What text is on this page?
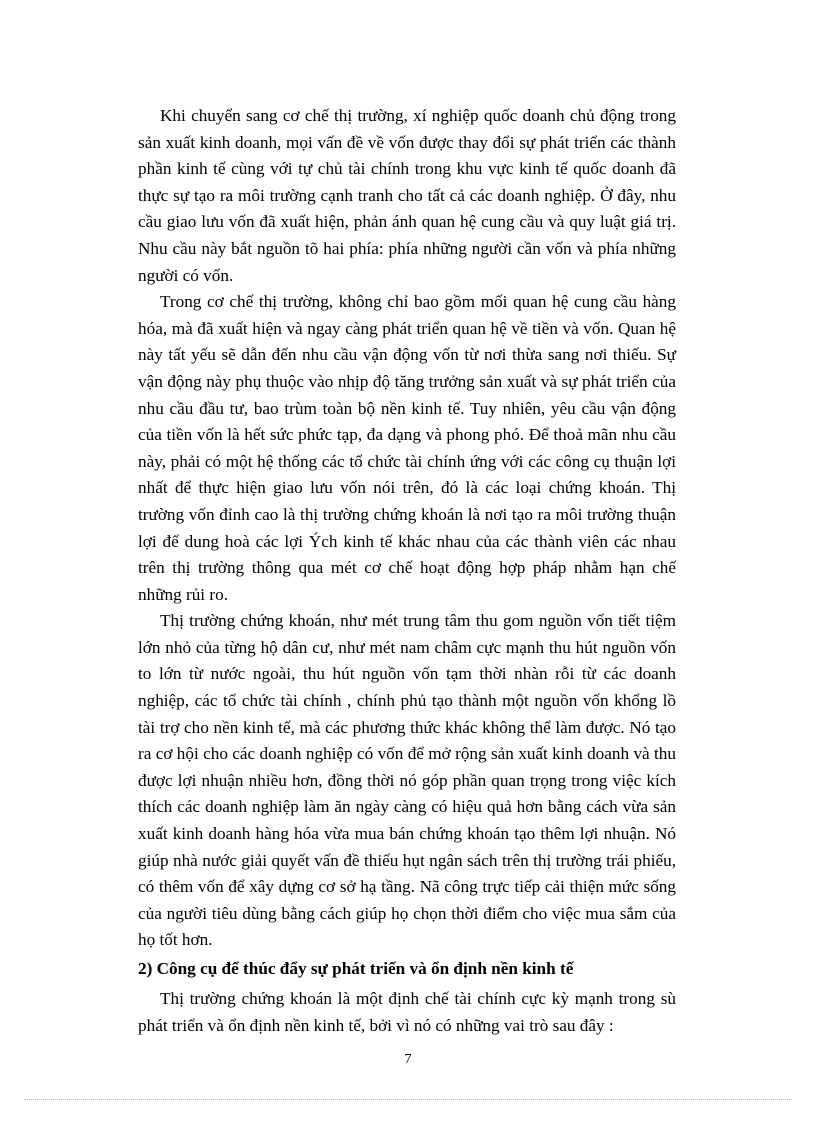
Khi chuyển sang cơ chế thị trường, xí nghiệp quốc doanh chủ động trong sản xuất kinh doanh, mọi vấn đề về vốn được thay đổi sự phát triển các thành phần kinh tế cùng với tự chủ tài chính trong khu vực kinh tế quốc doanh đã thực sự tạo ra môi trường cạnh tranh cho tất cả các doanh nghiệp. Ở đây, nhu cầu giao lưu vốn đã xuất hiện, phản ánh quan hệ cung cầu và quy luật giá trị. Nhu cầu này bắt nguồn tõ hai phía: phía những người cần vốn và phía những người có vốn.

Trong cơ chế thị trường, không chỉ bao gồm mối quan hệ cung cầu hàng hóa, mà đã xuất hiện và ngay càng phát triển quan hệ về tiền và vốn. Quan hệ này tất yếu sẽ dẫn đến nhu cầu vận động vốn từ nơi thừa sang nơi thiếu. Sự vận động này phụ thuộc vào nhịp độ tăng trưởng sản xuất và sự phát triển của nhu cầu đầu tư, bao trùm toàn bộ nền kinh tế. Tuy nhiên, yêu cầu vận động của tiền vốn là hết sức phức tạp, đa dạng và phong phó. Để thoả mãn nhu cầu này, phải có một hệ thống các tổ chức tài chính ứng với các công cụ thuận lợi nhất để thực hiện giao lưu vốn nói trên, đó là các loại chứng khoán. Thị trường vốn đỉnh cao là thị trường chứng khoán là nơi tạo ra môi trường thuận lợi để dung hoà các lợi Ých kinh tế khác nhau của các thành viên các nhau trên thị trường thông qua mét cơ chế hoạt động hợp pháp nhằm hạn chế những rủi ro.

Thị trường chứng khoán, như mét trung tâm thu gom nguồn vốn tiết tiệm lớn nhỏ của từng hộ dân cư, như mét nam châm cực mạnh thu hút nguồn vốn to lớn từ nước ngoài, thu hút nguồn vốn tạm thời nhàn rỗi từ các doanh nghiệp, các tổ chức tài chính , chính phủ tạo thành một nguồn vốn khổng lồ tài trợ cho nền kinh tế, mà các phương thức khác không thể làm được. Nó tạo ra cơ hội cho các doanh nghiệp có vốn để mở rộng sản xuất kinh doanh và thu được lợi nhuận nhiều hơn, đồng thời nó góp phần quan trọng trong việc kích thích các doanh nghiệp làm ăn ngày càng có hiệu quả hơn bằng cách vừa sản xuất kinh doanh hàng hóa vừa mua bán chứng khoán tạo thêm lợi nhuận. Nó giúp nhà nước giải quyết vấn đề thiếu hụt ngân sách trên thị trường trái phiếu, có thêm vốn để xây dựng cơ sở hạ tầng. Nã công trực tiếp cải thiện mức sống của người tiêu dùng bằng cách giúp họ chọn thời điểm cho việc mua sắm của họ tốt hơn.

2) Công cụ để thúc đẩy sự phát triển và ổn định nền kinh tế

Thị trường chứng khoán là một định chế tài chính cực kỳ mạnh trong sù phát triển và ổn định nền kinh tế, bởi vì nó có những vai trò sau đây :

7
